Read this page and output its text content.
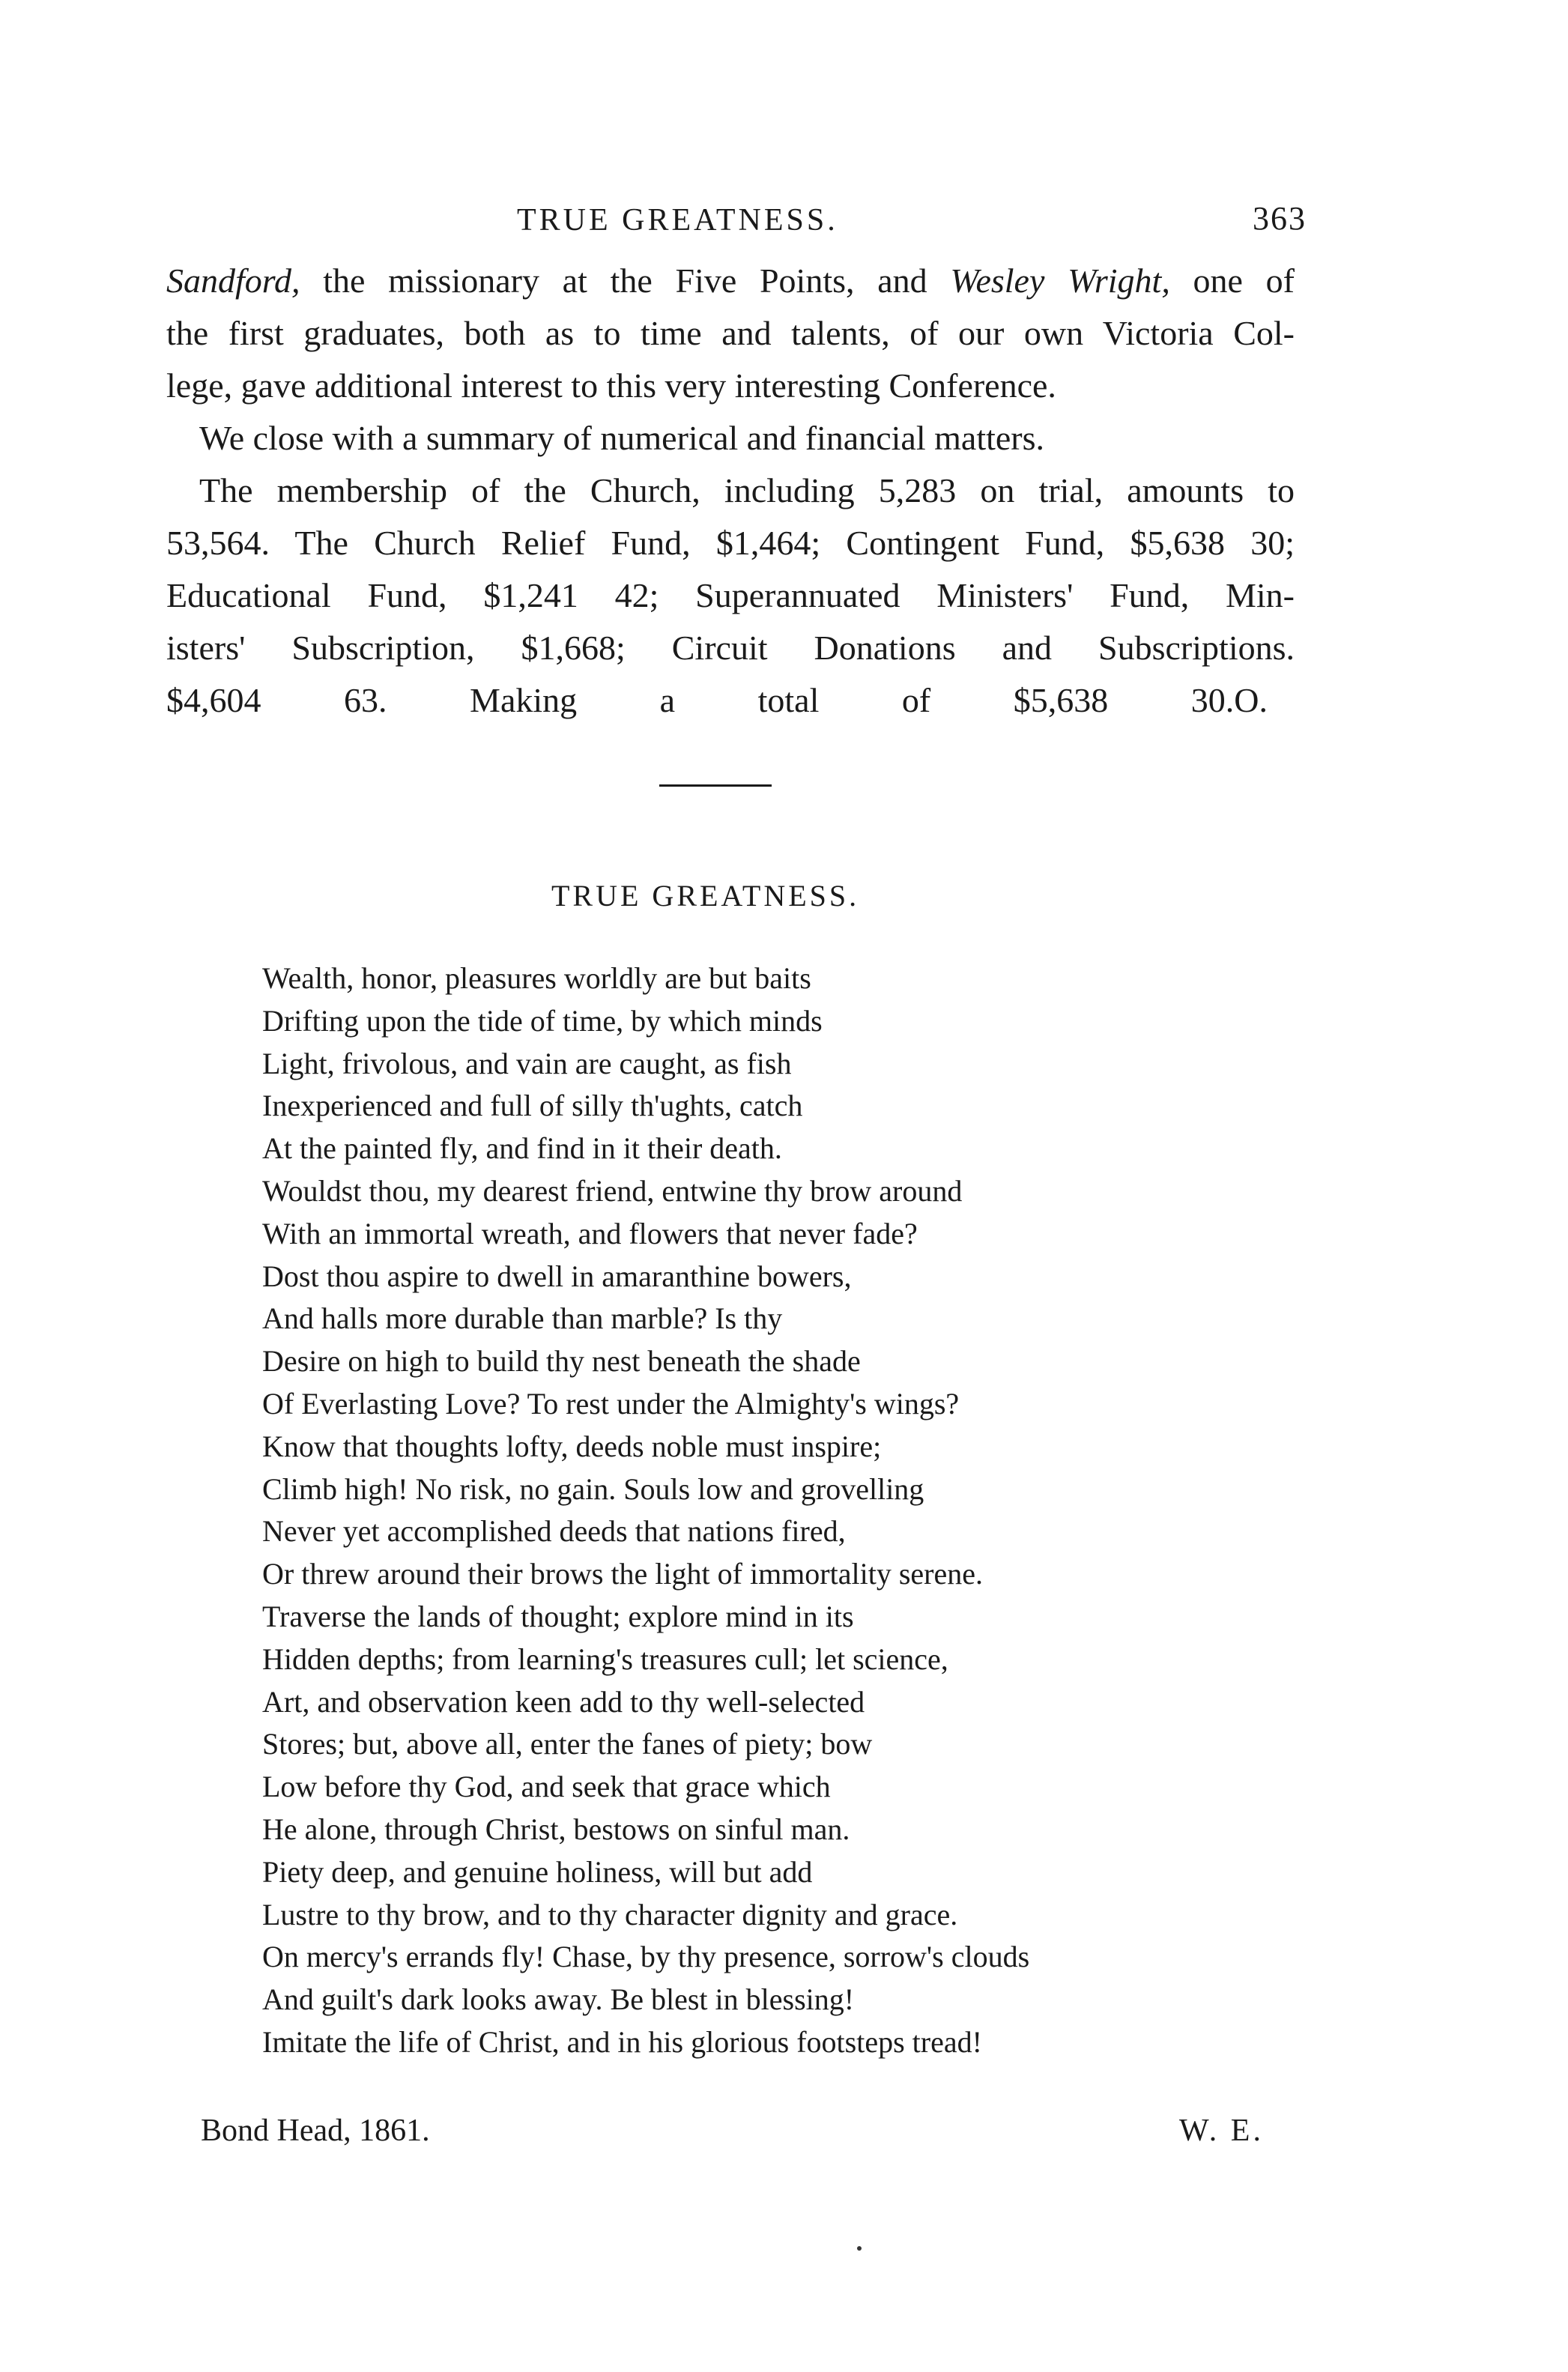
TRUE GREATNESS.	363
Sandford, the missionary at the Five Points, and Wesley Wright, one of
the first graduates, both as to time and talents, of our own Victoria Col-
lege, gave additional interest to this very interesting Conference.
We close with a summary of numerical and financial matters.
The membership of the Church, including 5,283 on trial, amounts to
53,564. The Church Relief Fund, $1,464; Contingent Fund, $5,638 30;
Educational Fund, $1,241 42; Superannuated Ministers' Fund, Min-
isters' Subscription, $1,668; Circuit Donations and Subscriptions.
$4,604 63. Making a total of $5,638 30. O.
TRUE GREATNESS.
Wealth, honor, pleasures worldly are but baits
Drifting upon the tide of time, by which minds
Light, frivolous, and vain are caught, as fish
Inexperienced and full of silly th'ughts, catch
At the painted fly, and find in it their death.
Wouldst thou, my dearest friend, entwine thy brow around
With an immortal wreath, and flowers that never fade?
Dost thou aspire to dwell in amaranthine bowers,
And halls more durable than marble? Is thy
Desire on high to build thy nest beneath the shade
Of Everlasting Love? To rest under the Almighty's wings?
Know that thoughts lofty, deeds noble must inspire;
Climb high! No risk, no gain. Souls low and grovelling
Never yet accomplished deeds that nations fired,
Or threw around their brows the light of immortality serene.
Traverse the lands of thought; explore mind in its
Hidden depths; from learning's treasures cull; let science,
Art, and observation keen add to thy well-selected
Stores; but, above all, enter the fanes of piety; bow
Low before thy God, and seek that grace which
He alone, through Christ, bestows on sinful man.
Piety deep, and genuine holiness, will but add
Lustre to thy brow, and to thy character dignity and grace.
On mercy's errands fly! Chase, by thy presence, sorrow's clouds
And guilt's dark looks away. Be blest in blessing!
Imitate the life of Christ, and in his glorious footsteps tread!
Bond Head, 1861.	W. E.
